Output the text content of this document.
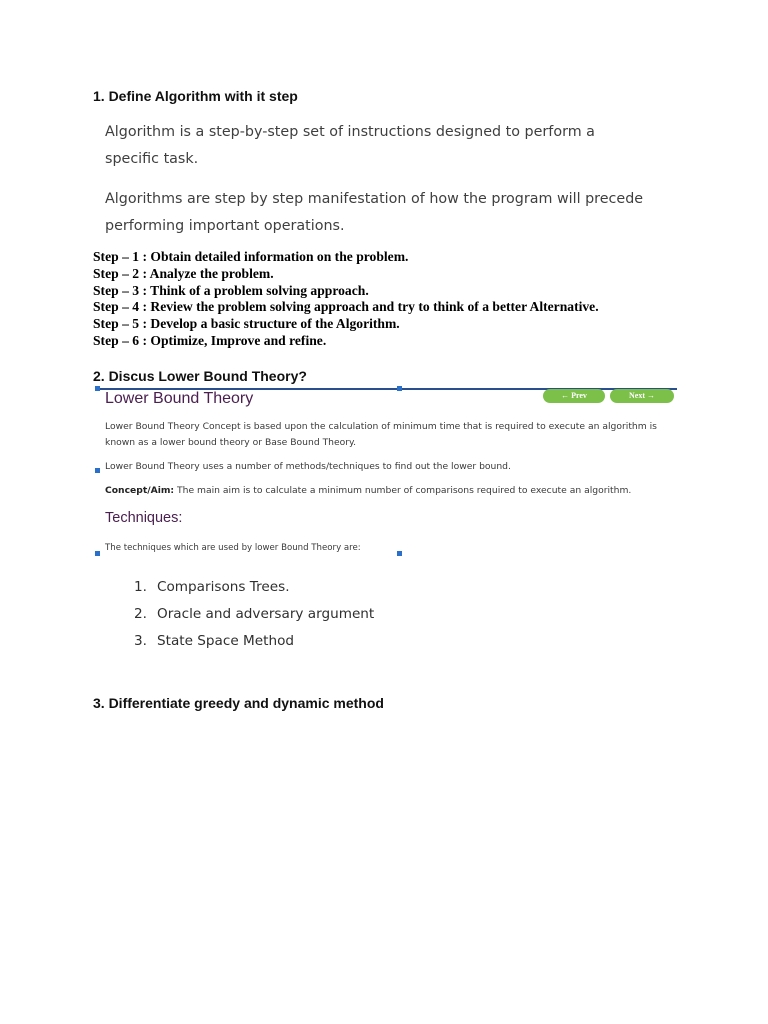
1. Define Algorithm with it step

Algorithm is a step-by-step set of instructions designed to perform a

specific task.

Algorithms are step by step manifestation of how the program will precede

performing important operations.

Step – 1 : Obtain detailed information on the problem.
Step – 2 : Analyze the problem.
Step – 3 : Think of a problem solving approach.
Step – 4 : Review the problem solving approach and try to think of a better Alternative.
Step – 5 : Develop a basic structure of the Algorithm.
Step – 6 : Optimize, Improve and refine.
2. Discus Lower Bound Theory?
Lower Bound Theory	← Prev	Next →
Lower Bound Theory Concept is based upon the calculation of minimum time that is required to execute an algorithm is known as a lower bound theory or Base Bound Theory.
Lower Bound Theory uses a number of methods/techniques to find out the lower bound.
Concept/Aim: The main aim is to calculate a minimum number of comparisons required to execute an algorithm.
Techniques:
The techniques which are used by lower Bound Theory are:
1. Comparisons Trees.
2. Oracle and adversary argument
3. State Space Method
3. Differentiate greedy and dynamic method
